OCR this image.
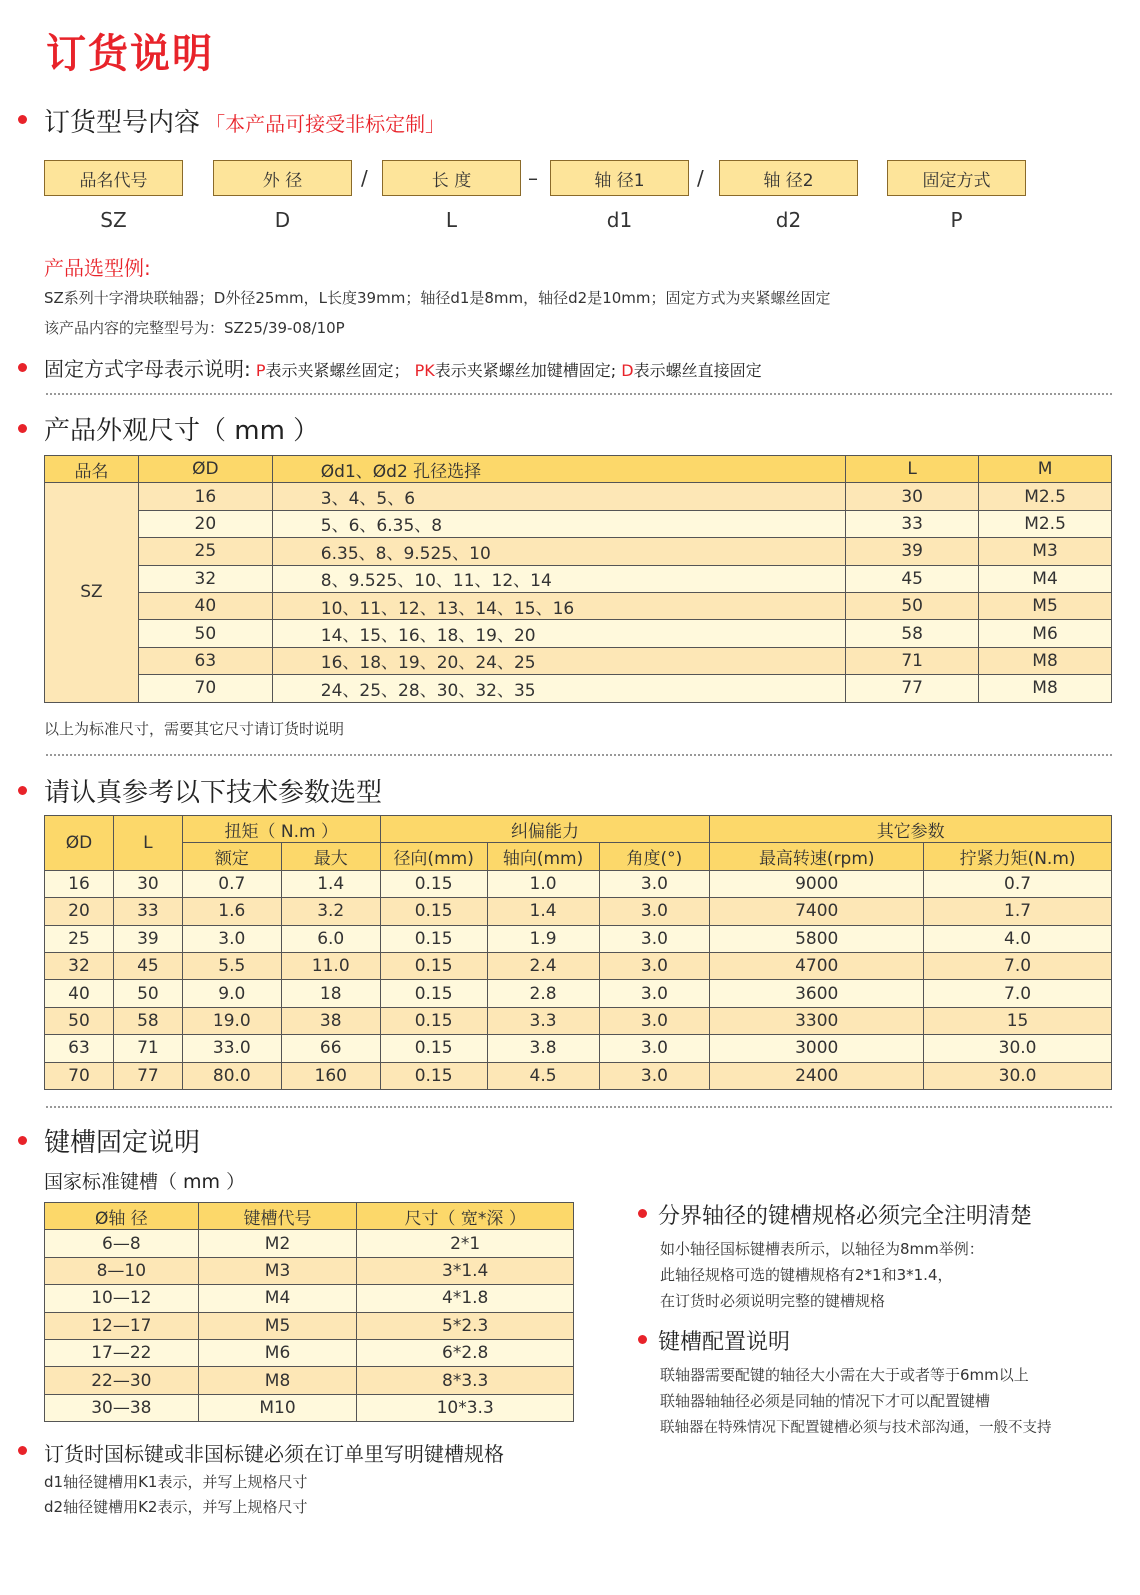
订货说明
订货型号内容 「本产品可接受非标定制」
品名代号	外 径	长 度	轴 径1	轴 径2	固定方式
/	–	/
SZ	D	L	d1	d2	P
产品选型例:
SZ系列十字滑块联轴器；D外径25mm，L长度39mm；轴径d1是8mm，轴径d2是10mm；固定方式为夹紧螺丝固定
该产品内容的完整型号为：SZ25/39-08/10P
固定方式字母表示说明: P表示夹紧螺丝固定； PK表示夹紧螺丝加键槽固定; D表示螺丝直接固定
产品外观尺寸（ mm ）
品名	ØD	Ød1、Ød2 孔径选择	L	M
SZ	16	3、4、5、6	30	M2.5
	20	5、6、6.35、8	33	M2.5
	25	6.35、8、9.525、10	39	M3
	32	8、9.525、10、11、12、14	45	M4
	40	10、11、12、13、14、15、16	50	M5
	50	14、15、16、18、19、20	58	M6
	63	16、18、19、20、24、25	71	M8
	70	24、25、28、30、32、35	77	M8
以上为标准尺寸，需要其它尺寸请订货时说明
请认真参考以下技术参数选型
ØD	L	扭矩（ N.m ）		纠偏能力			其它参数	
		额定	最大	径向(mm)	轴向(mm)	角度(°)	最高转速(rpm)	拧紧力矩(N.m)
16	30	0.7	1.4	0.15	1.0	3.0	9000	0.7
20	33	1.6	3.2	0.15	1.4	3.0	7400	1.7
25	39	3.0	6.0	0.15	1.9	3.0	5800	4.0
32	45	5.5	11.0	0.15	2.4	3.0	4700	7.0
40	50	9.0	18	0.15	2.8	3.0	3600	7.0
50	58	19.0	38	0.15	3.3	3.0	3300	15
63	71	33.0	66	0.15	3.8	3.0	3000	30.0
70	77	80.0	160	0.15	4.5	3.0	2400	30.0
键槽固定说明
国家标准键槽（ mm ）
Ø轴 径	键槽代号	尺寸（ 宽*深 ）
6—8	M2	2*1
8—10	M3	3*1.4
10—12	M4	4*1.8
12—17	M5	5*2.3
17—22	M6	6*2.8
22—30	M8	8*3.3
30—38	M10	10*3.3
订货时国标键或非国标键必须在订单里写明键槽规格
d1轴径键槽用K1表示，并写上规格尺寸
d2轴径键槽用K2表示，并写上规格尺寸
分界轴径的键槽规格必须完全注明清楚
如小轴径国标键槽表所示，以轴径为8mm举例：
此轴径规格可选的键槽规格有2*1和3*1.4，
在订货时必须说明完整的键槽规格
键槽配置说明
联轴器需要配键的轴径大小需在大于或者等于6mm以上
联轴器轴轴径必须是同轴的情况下才可以配置键槽
联轴器在特殊情况下配置键槽必须与技术部沟通，一般不支持
